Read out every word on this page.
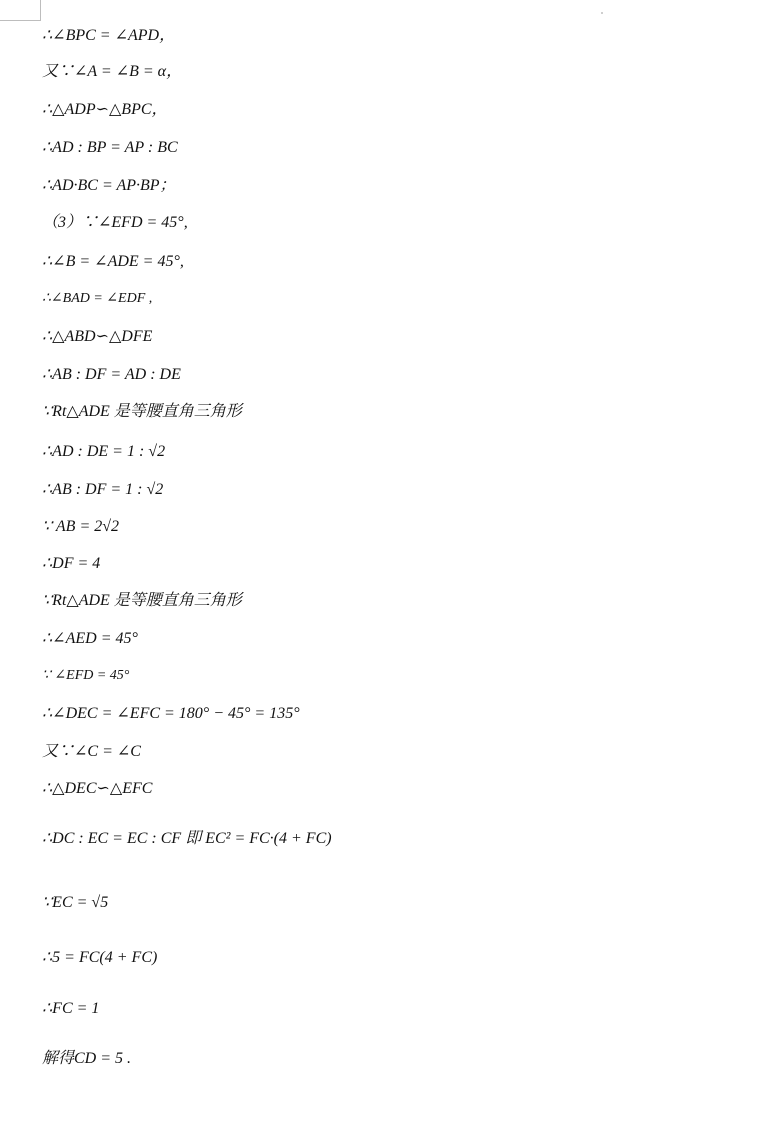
∴∠BPC = ∠APD，
又∵∠A = ∠B = α，
∴△ADP∽△BPC，
∴AD : BP = AP : BC
∴AD·BC = AP·BP；
（3）∵∠EFD = 45°,
∴∠B = ∠ADE = 45°,
∴∠BAD = ∠EDF ,
∴△ABD∽△DFE
∴AB : DF = AD : DE
∵Rt△ADE 是等腰直角三角形
∴AD : DE = 1 : √2
∴AB : DF = 1 : √2
∵ AB = 2√2
∴DF = 4
∵Rt△ADE 是等腰直角三角形
∴∠AED = 45°
∵ ∠EFD = 45°
∴∠DEC = ∠EFC = 180° − 45° = 135°
又∵∠C = ∠C
∴△DEC∽△EFC
∴DC : EC = EC : CF 即 EC² = FC·(4 + FC)
∵EC = √5
∴5 = FC(4 + FC)
∴FC = 1
解得CD = 5 .
